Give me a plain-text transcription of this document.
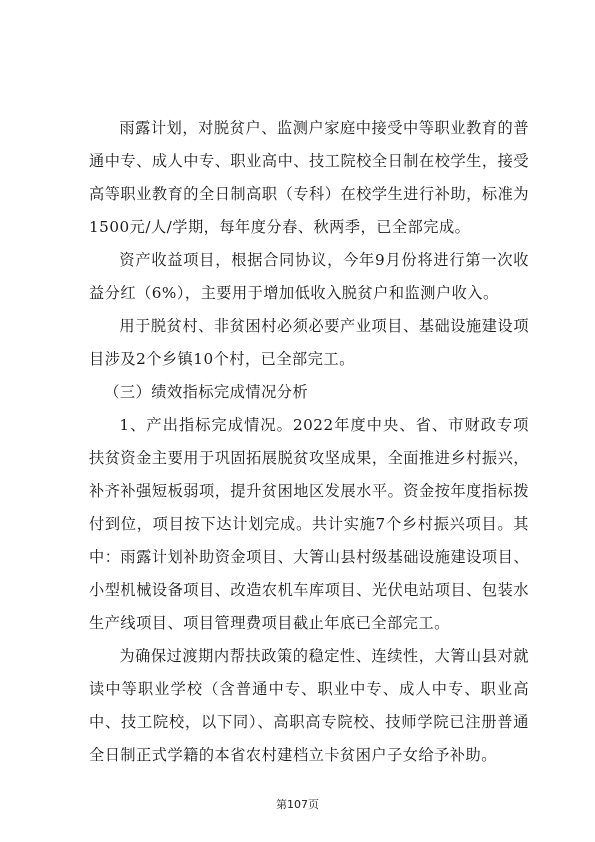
雨露计划，对脱贫户、监测户家庭中接受中等职业教育的普通中专、成人中专、职业高中、技工院校全日制在校学生，接受高等职业教育的全日制高职（专科）在校学生进行补助，标准为1500元/人/学期，每年度分春、秋两季，已全部完成。

资产收益项目，根据合同协议，今年9月份将进行第一次收益分红（6%），主要用于增加低收入脱贫户和监测户收入。

用于脱贫村、非贫困村必须必要产业项目、基础设施建设项目涉及2个乡镇10个村，已全部完工。

（三）绩效指标完成情况分析

1、产出指标完成情况。2022年度中央、省、市财政专项扶贫资金主要用于巩固拓展脱贫攻坚成果，全面推进乡村振兴，补齐补强短板弱项，提升贫困地区发展水平。资金按年度指标拨付到位，项目按下达计划完成。共计实施7个乡村振兴项目。其中：雨露计划补助资金项目、大箐山县村级基础设施建设项目、小型机械设备项目、改造农机车库项目、光伏电站项目、包装水生产线项目、项目管理费项目截止年底已全部完工。

为确保过渡期内帮扶政策的稳定性、连续性，大箐山县对就读中等职业学校（含普通中专、职业中专、成人中专、职业高中、技工院校，以下同）、高职高专院校、技师学院已注册普通全日制正式学籍的本省农村建档立卡贫困户子女给予补助。

第107页
